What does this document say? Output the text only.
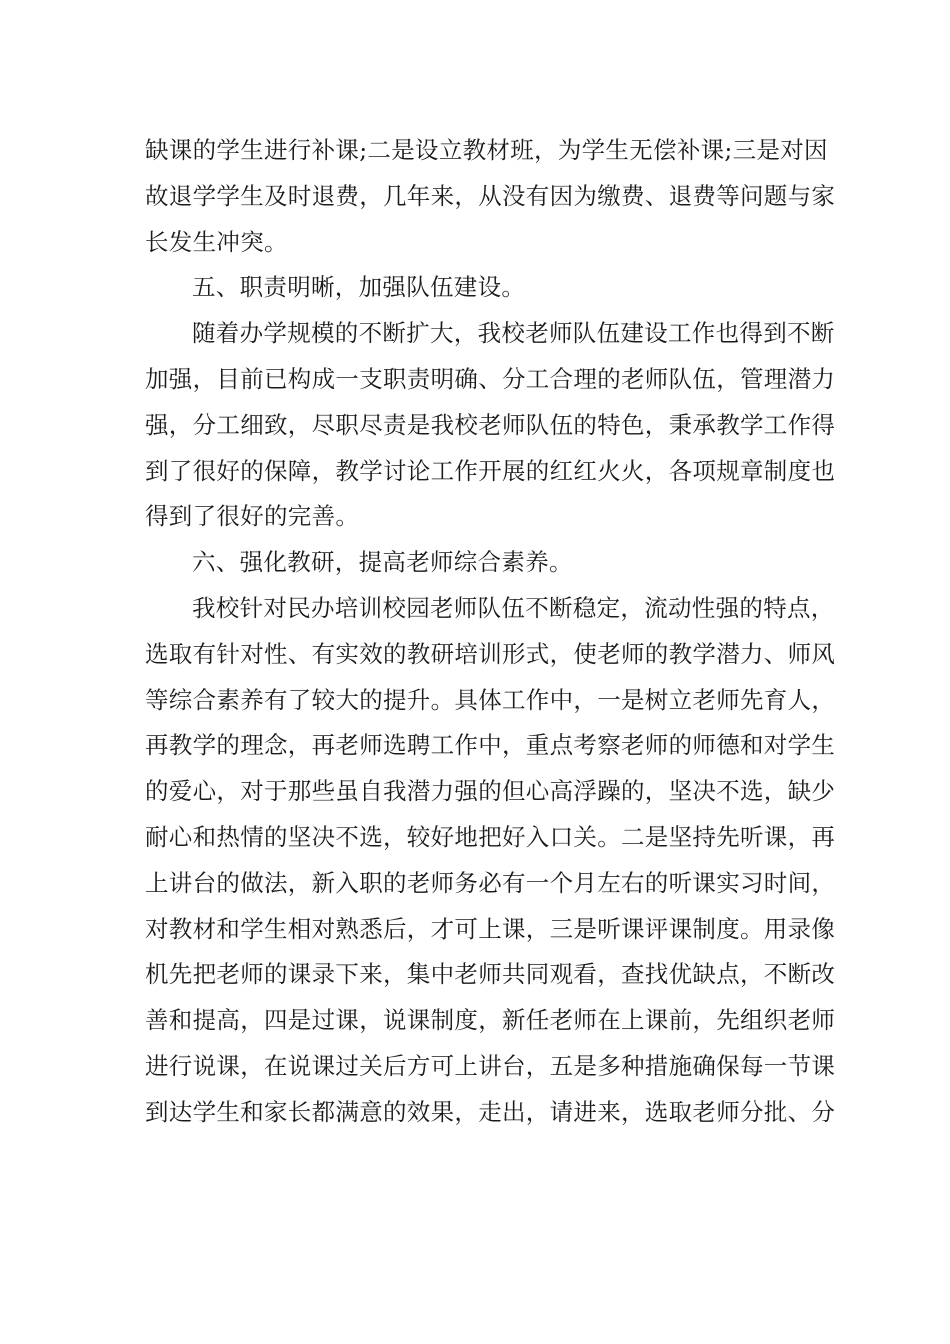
缺课的学生进行补课;二是设立教材班，为学生无偿补课;三是对因
故退学学生及时退费，几年来，从没有因为缴费、退费等问题与家
长发生冲突。
五、职责明晰，加强队伍建设。
随着办学规模的不断扩大，我校老师队伍建设工作也得到不断
加强，目前已构成一支职责明确、分工合理的老师队伍，管理潜力
强，分工细致，尽职尽责是我校老师队伍的特色，秉承教学工作得
到了很好的保障，教学讨论工作开展的红红火火，各项规章制度也
得到了很好的完善。
六、强化教研，提高老师综合素养。
我校针对民办培训校园老师队伍不断稳定，流动性强的特点，
选取有针对性、有实效的教研培训形式，使老师的教学潜力、师风
等综合素养有了较大的提升。具体工作中，一是树立老师先育人，
再教学的理念，再老师选聘工作中，重点考察老师的师德和对学生
的爱心，对于那些虽自我潜力强的但心高浮躁的，坚决不选，缺少
耐心和热情的坚决不选，较好地把好入口关。二是坚持先听课，再
上讲台的做法，新入职的老师务必有一个月左右的听课实习时间，
对教材和学生相对熟悉后，才可上课，三是听课评课制度。用录像
机先把老师的课录下来，集中老师共同观看，查找优缺点，不断改
善和提高，四是过课，说课制度，新任老师在上课前，先组织老师
进行说课，在说课过关后方可上讲台，五是多种措施确保每一节课
到达学生和家长都满意的效果，走出，请进来，选取老师分批、分
